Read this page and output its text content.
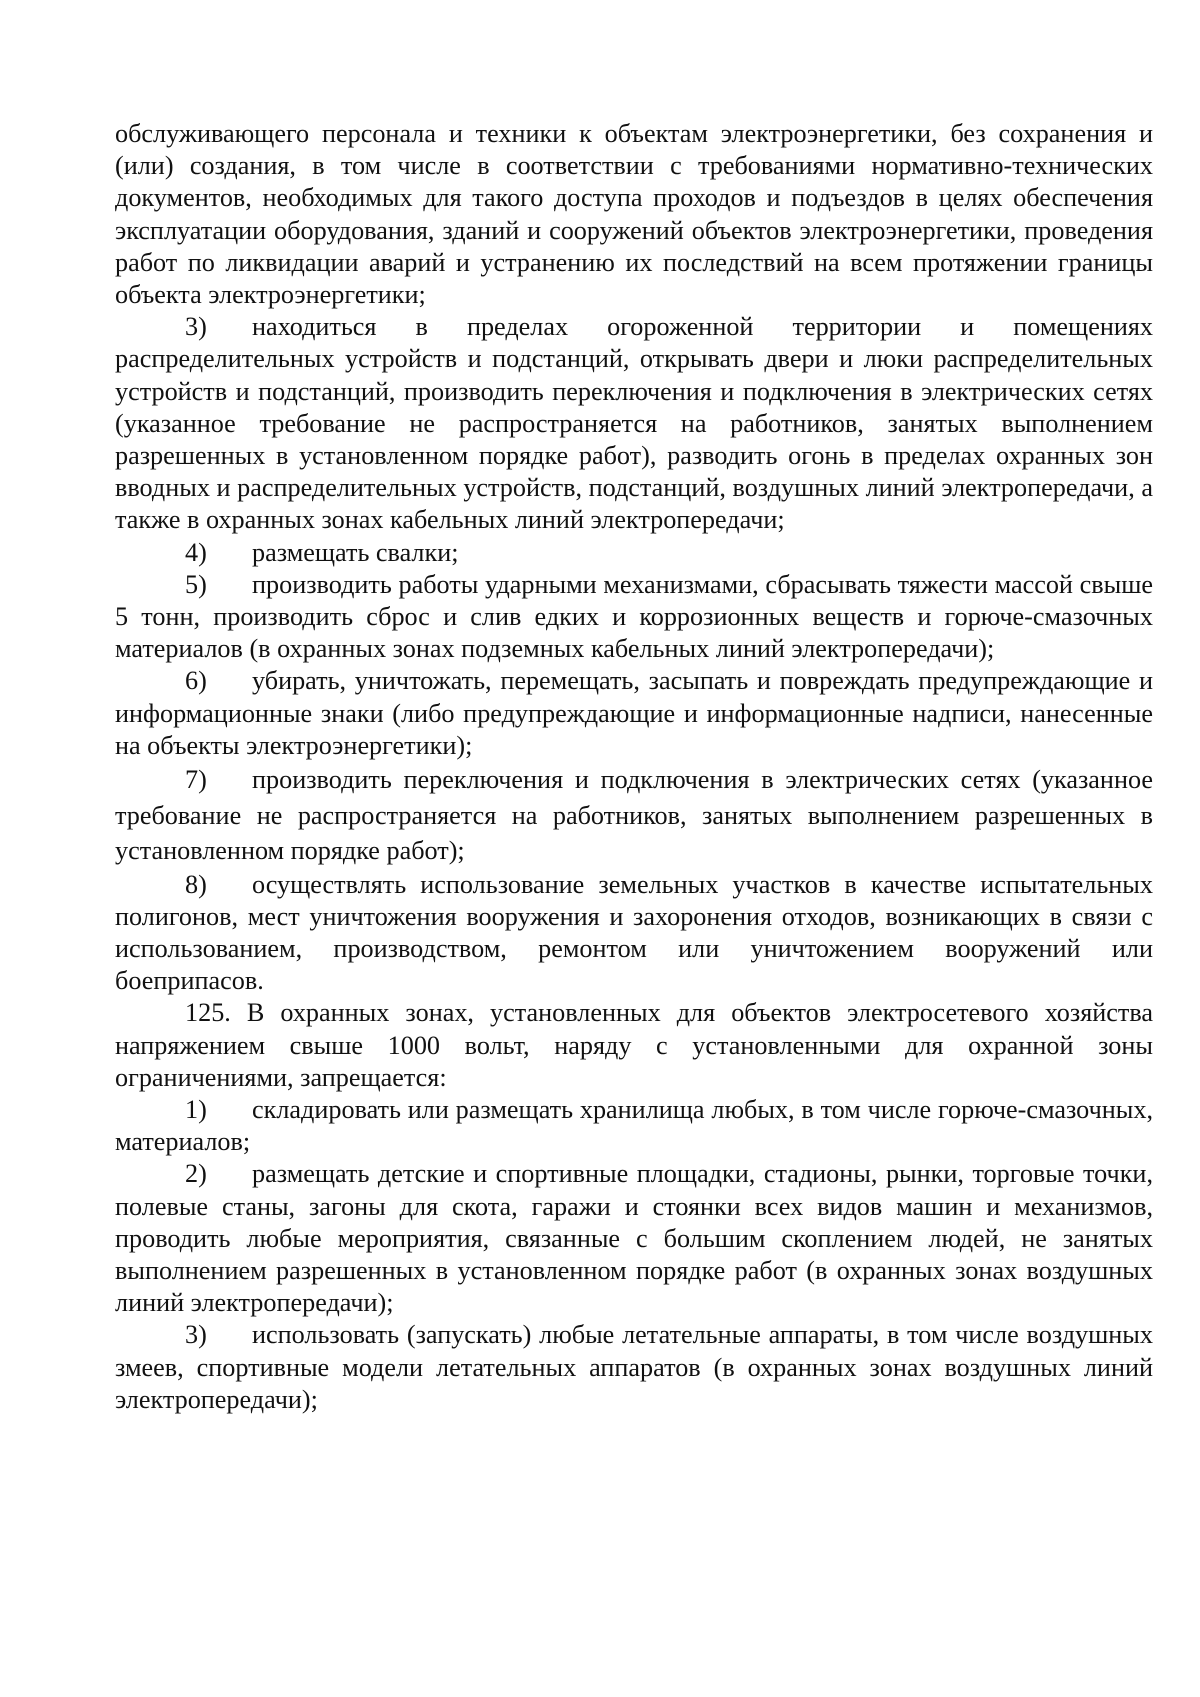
обслуживающего персонала и техники к объектам электроэнергетики, без сохранения и (или) создания, в том числе в соответствии с требованиями нормативно-технических документов, необходимых для такого доступа проходов и подъездов в целях обеспечения эксплуатации оборудования, зданий и сооружений объектов электроэнергетики, проведения работ по ликвидации аварий и устранению их последствий на всем протяжении границы объекта электроэнергетики;

3) находиться в пределах огороженной территории и помещениях распределительных устройств и подстанций, открывать двери и люки распределительных устройств и подстанций, производить переключения и подключения в электрических сетях (указанное требование не распространяется на работников, занятых выполнением разрешенных в установленном порядке работ), разводить огонь в пределах охранных зон вводных и распределительных устройств, подстанций, воздушных линий электропередачи, а также в охранных зонах кабельных линий электропередачи;

4) размещать свалки;

5) производить работы ударными механизмами, сбрасывать тяжести массой свыше 5 тонн, производить сброс и слив едких и коррозионных веществ и горюче-смазочных материалов (в охранных зонах подземных кабельных линий электропередачи);

6) убирать, уничтожать, перемещать, засыпать и повреждать предупреждающие и информационные знаки (либо предупреждающие и информационные надписи, нанесенные на объекты электроэнергетики);

7) производить переключения и подключения в электрических сетях (указанное требование не распространяется на работников, занятых выполнением разрешенных в установленном порядке работ);

8) осуществлять использование земельных участков в качестве испытательных полигонов, мест уничтожения вооружения и захоронения отходов, возникающих в связи с использованием, производством, ремонтом или уничтожением вооружений или боеприпасов.

125. В охранных зонах, установленных для объектов электросетевого хозяйства напряжением свыше 1000 вольт, наряду с установленными для охранной зоны ограничениями, запрещается:

1) складировать или размещать хранилища любых, в том числе горюче-смазочных, материалов;

2) размещать детские и спортивные площадки, стадионы, рынки, торговые точки, полевые станы, загоны для скота, гаражи и стоянки всех видов машин и механизмов, проводить любые мероприятия, связанные с большим скоплением людей, не занятых выполнением разрешенных в установленном порядке работ (в охранных зонах воздушных линий электропередачи);

3) использовать (запускать) любые летательные аппараты, в том числе воздушных змеев, спортивные модели летательных аппаратов (в охранных зонах воздушных линий электропередачи);
